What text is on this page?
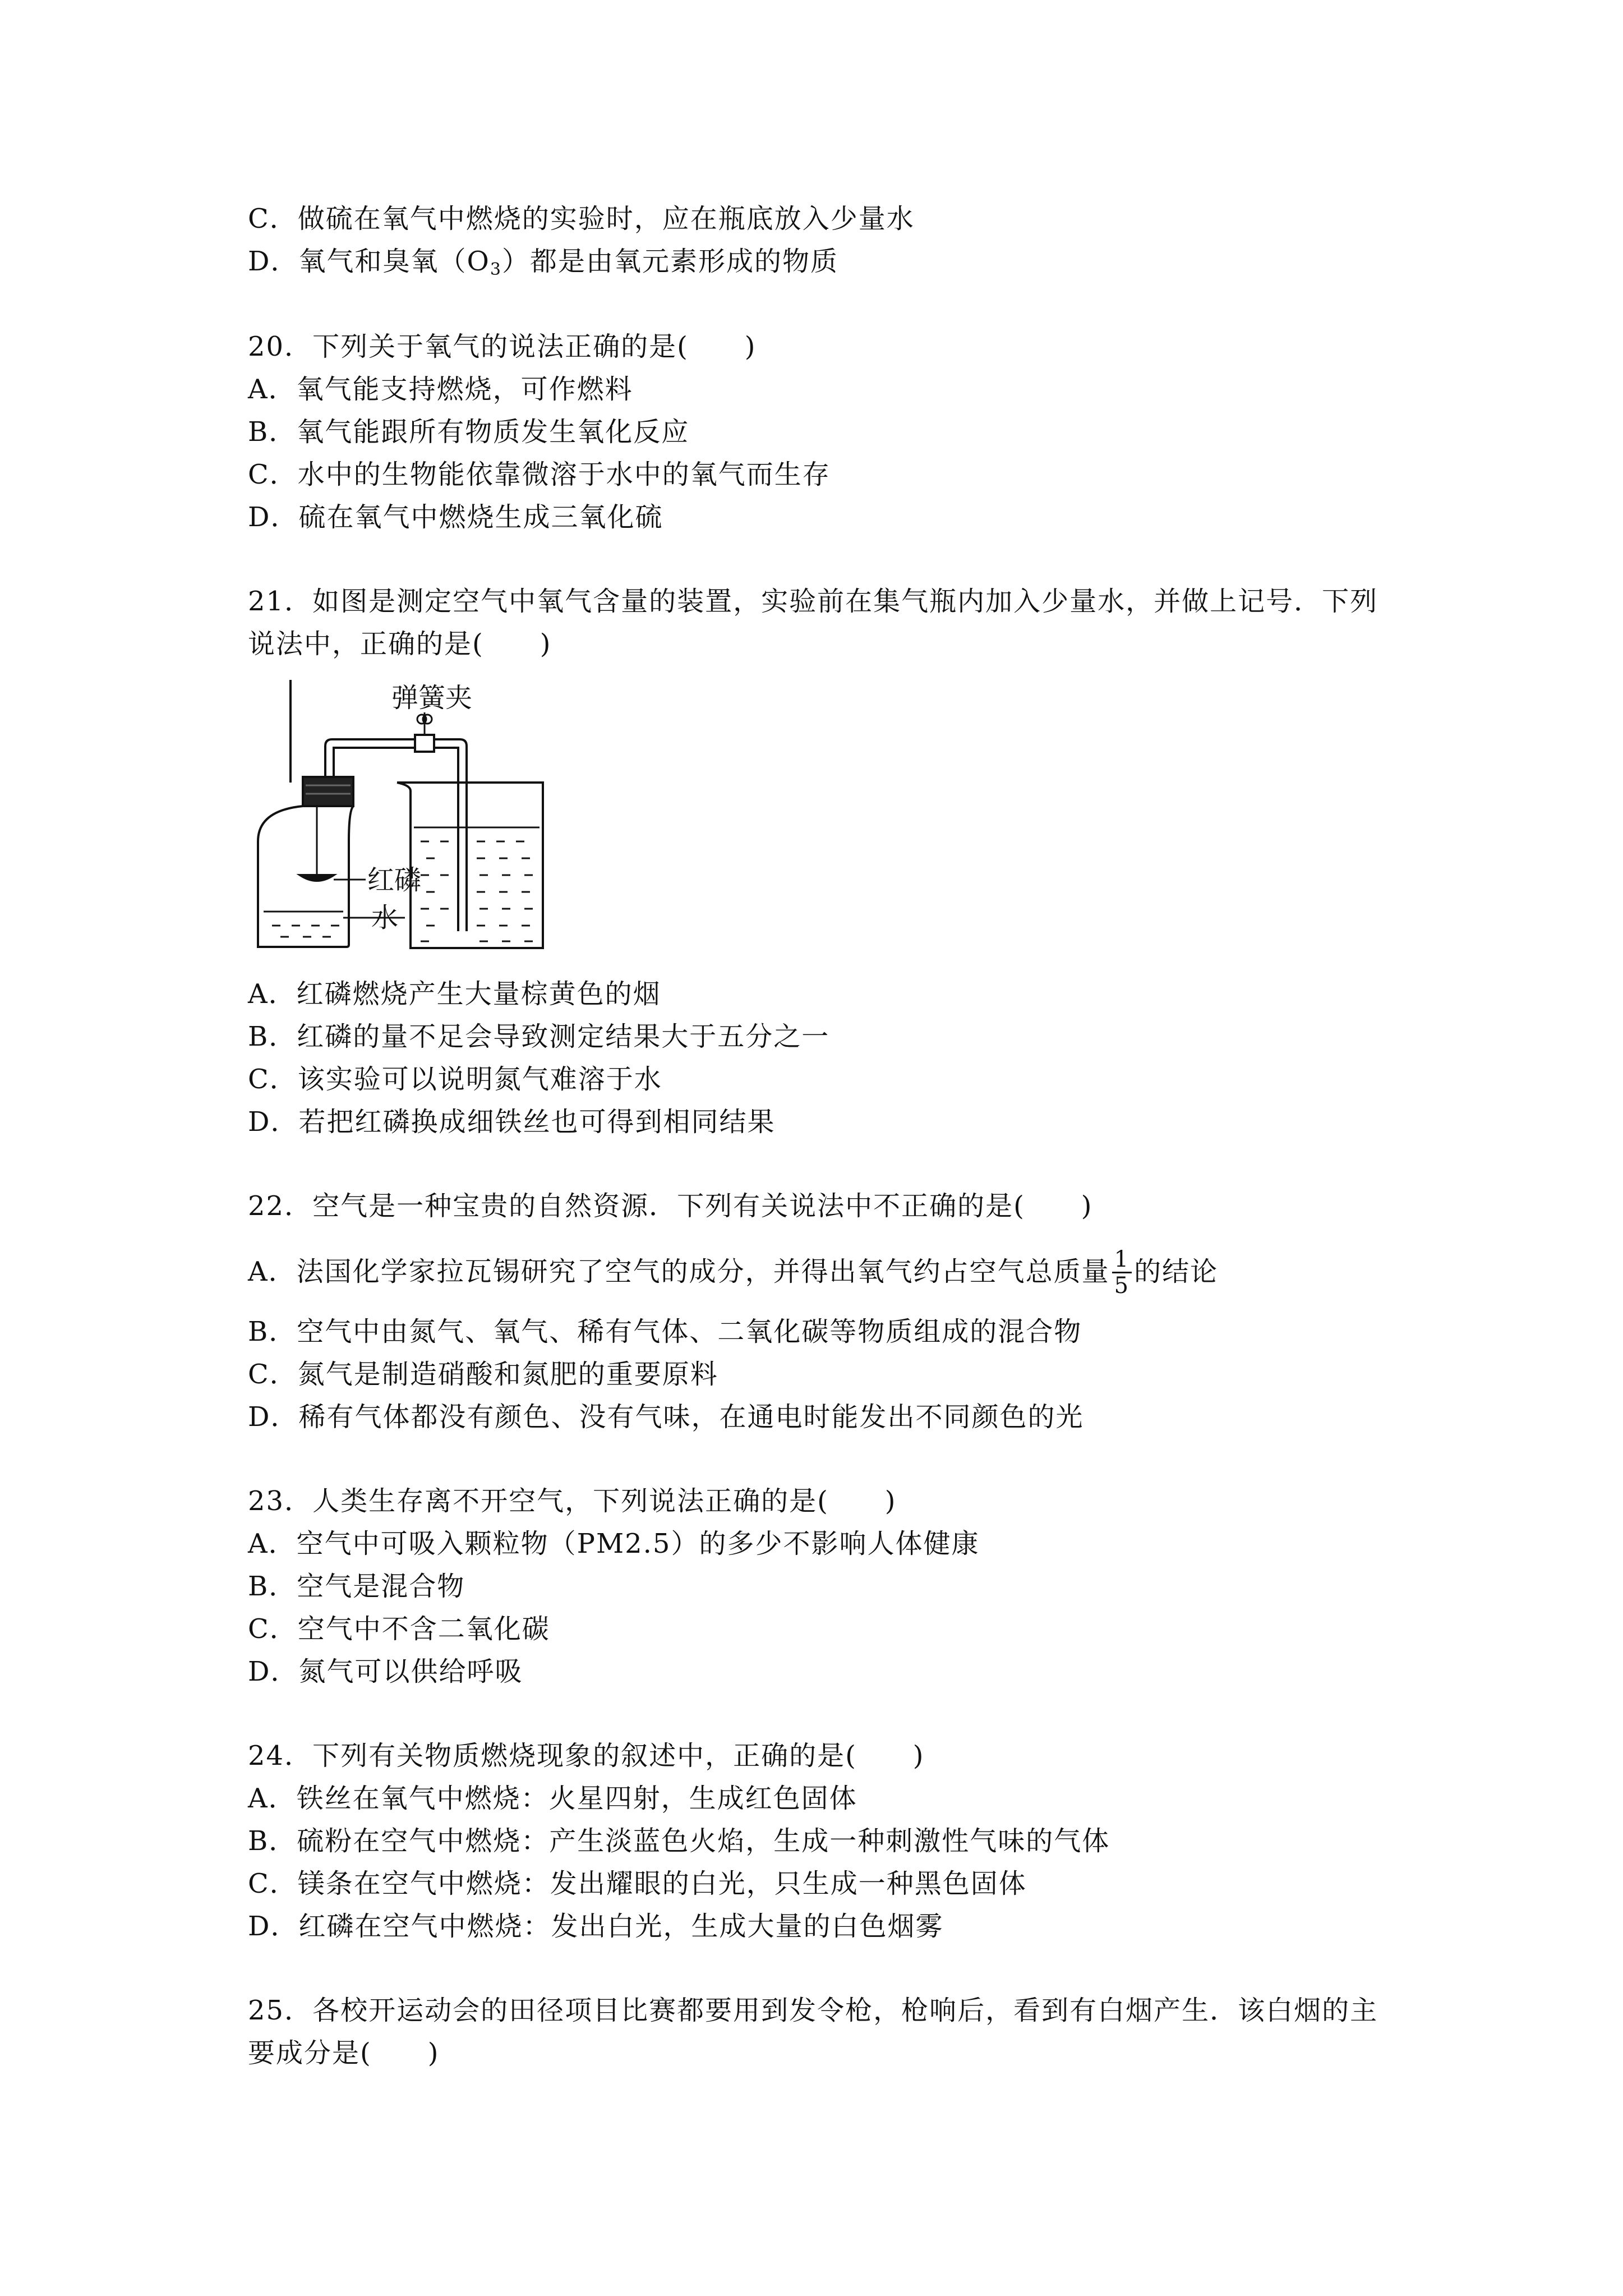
C．做硫在氧气中燃烧的实验时，应在瓶底放入少量水
D．氧气和臭氧$(O_3)$都是由氧元素形成的物质
20．下列关于氧气的说法正确的是(　　)
A．氧气能支持燃烧，可作燃料
B．氧气能跟所有物质发生氧化反应
C．水中的生物能依靠微溶于水中的氧气而生存
D．硫在氧气中燃烧生成三氧化硫
21．如图是测定空气中氧气含量的装置，实验前在集气瓶内加入少量水，并做上记号．下列
说法中，正确的是(　　)
弹簧夹
红磷
水
A．红磷燃烧产生大量棕黄色的烟
B．红磷的量不足会导致测定结果大于五分之一
C．该实验可以说明氮气难溶于水
D．若把红磷换成细铁丝也可得到相同结果
22．空气是一种宝贵的自然资源．下列有关说法中不正确的是(　　)
A．法国化学家拉瓦锡研究了空气的成分，并得出氧气约占空气总质量 $\frac{1}{5}$ 的结论
B．空气中由氮气、氧气、稀有气体、二氧化碳等物质组成的混合物
C．氮气是制造硝酸和氮肥的重要原料
D．稀有气体都没有颜色、没有气味，在通电时能发出不同颜色的光
23．人类生存离不开空气，下列说法正确的是(　　)
A．空气中可吸入颗粒物（PM2.5）的多少不影响人体健康
B．空气是混合物
C．空气中不含二氧化碳
D．氮气可以供给呼吸
24．下列有关物质燃烧现象的叙述中，正确的是(　　)
A．铁丝在氧气中燃烧：火星四射，生成红色固体
B．硫粉在空气中燃烧：产生淡蓝色火焰，生成一种刺激性气味的气体
C．镁条在空气中燃烧：发出耀眼的白光，只生成一种黑色固体
D．红磷在空气中燃烧：发出白光，生成大量的白色烟雾
25．各校开运动会的田径项目比赛都要用到发令枪，枪响后，看到有白烟产生．该白烟的主
要成分是(　　)
